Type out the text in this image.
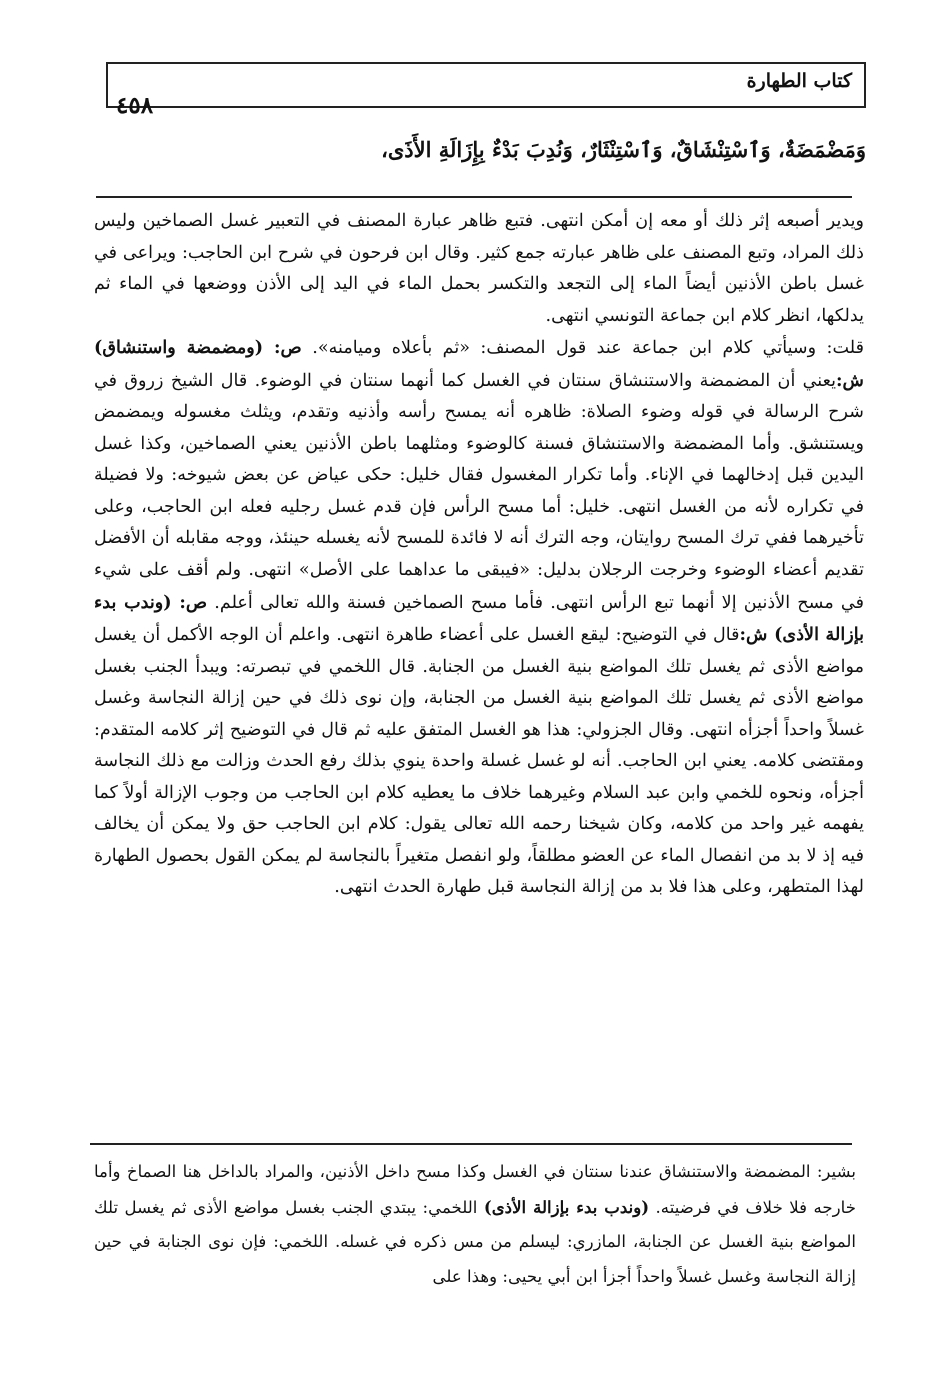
كتاب الطهارة
٤٥٨
وَمَضْمَضَةٌ، وَٱسْتِنْشَاقٌ، وَٱسْتِنْثَارٌ، وَنُدِبَ بَدْءٌ بِإِزَالَةِ الأَذَى،

ويدير أصبعه إثر ذلك أو معه إن أمكن انتهى. فتبع ظاهر عبارة المصنف في التعبير غسل الصماخين وليس ذلك المراد، وتبع المصنف على ظاهر عبارته جمع كثير. وقال ابن فرحون في شرح ابن الحاجب: ويراعى في غسل باطن الأذنين أيضاً الماء إلى التجعد والتكسر بحمل الماء في اليد إلى الأذن ووضعها في الماء ثم يدلكها، انظر كلام ابن جماعة التونسي انتهى.

قلت: وسيأتي كلام ابن جماعة عند قول المصنف: «ثم بأعلاه وميامنه». ص: (ومضمضة واستنشاق) ش:يعني أن المضمضة والاستنشاق سنتان في الغسل كما أنهما سنتان في الوضوء. قال الشيخ زروق في شرح الرسالة في قوله وضوء الصلاة: ظاهره أنه يمسح رأسه وأذنيه وتقدم، ويثلث مغسوله ويمضمض ويستنشق. وأما المضمضة والاستنشاق فسنة كالوضوء ومثلهما باطن الأذنين يعني الصماخين، وكذا غسل اليدين قبل إدخالهما في الإناء. وأما تكرار المغسول فقال خليل: حكى عياض عن بعض شيوخه: ولا فضيلة في تكراره لأنه من الغسل انتهى. خليل: أما مسح الرأس فإن قدم غسل رجليه فعله ابن الحاجب، وعلى تأخيرهما ففي ترك المسح روايتان، وجه الترك أنه لا فائدة للمسح لأنه يغسله حينئذ، ووجه مقابله أن الأفضل تقديم أعضاء الوضوء وخرجت الرجلان بدليل: «فيبقى ما عداهما على الأصل» انتهى. ولم أقف على شيء في مسح الأذنين إلا أنهما تبع الرأس انتهى. فأما مسح الصماخين فسنة والله تعالى أعلم. ص: (وندب بدء بإزالة الأذى) ش:قال في التوضيح: ليقع الغسل على أعضاء طاهرة انتهى. واعلم أن الوجه الأكمل أن يغسل مواضع الأذى ثم يغسل تلك المواضع بنية الغسل من الجنابة. قال اللخمي في تبصرته: ويبدأ الجنب بغسل مواضع الأذى ثم يغسل تلك المواضع بنية الغسل من الجنابة، وإن نوى ذلك في حين إزالة النجاسة وغسل غسلاً واحداً أجزأه انتهى. وقال الجزولي: هذا هو الغسل المتفق عليه ثم قال في التوضيح إثر كلامه المتقدم: ومقتضى كلامه. يعني ابن الحاجب. أنه لو غسل غسلة واحدة ينوي بذلك رفع الحدث وزالت مع ذلك النجاسة أجزأه، ونحوه للخمي وابن عبد السلام وغيرهما خلاف ما يعطيه كلام ابن الحاجب من وجوب الإزالة أولاً كما يفهمه غير واحد من كلامه، وكان شيخنا رحمه الله تعالى يقول: كلام ابن الحاجب حق ولا يمكن أن يخالف فيه إذ لا بد من انفصال الماء عن العضو مطلقاً، ولو انفصل متغيراً بالنجاسة لم يمكن القول بحصول الطهارة لهذا المتطهر، وعلى هذا فلا بد من إزالة النجاسة قبل طهارة الحدث انتهى.

بشير: المضمضة والاستنشاق عندنا سنتان في الغسل وكذا مسح داخل الأذنين، والمراد بالداخل هنا الصماخ وأما خارجه فلا خلاف في فرضيته. (وندب بدء بإزالة الأذى) اللخمي: يبتدي الجنب بغسل مواضع الأذى ثم يغسل تلك المواضع بنية الغسل عن الجنابة، المازري: ليسلم من مس ذكره في غسله. اللخمي: فإن نوى الجنابة في حين إزالة النجاسة وغسل غسلاً واحداً أجزأ ابن أبي يحيى: وهذا على
